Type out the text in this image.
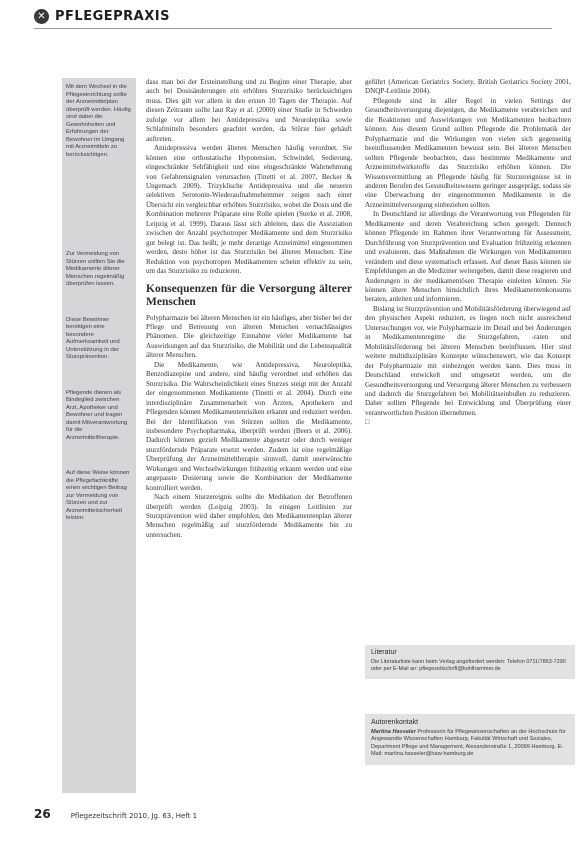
✕ PFLEGEPRAXIS

Mit dem Wechsel in die Pflegeeinrichtung sollte der Arzneimittelplan überprüft werden. Häufig sind dabei die Gewohnheiten und Erfahrungen der Bewohner im Umgang mit Arzneimitteln zu berücksichtigen.

Zur Vermeidung von Stürzen sollten Sie die Medikamente älterer Menschen regelmäßig überprüfen lassen.

Diese Bewohner benötigen eine besondere Aufmerksamkeit und Unterstützung in der Sturzprävention.

Pflegende dienen als Bindeglied zwischen Arzt, Apotheker und Bewohner und tragen damit Mitverantwortung für die Arzneimitteltherapie.

Auf diese Weise können die Pflegefachkräfte einen wichtigen Beitrag zur Vermeidung von Stürzen und zur Arzneimittelsicherheit leisten.

dass man bei der Ersteinstellung und zu Beginn einer Therapie, aber auch bei Dosisänderungen ein erhöhtes Sturzrisiko berücksichtigen muss. Dies gilt vor allem in den ersten 10 Tagen der Therapie. Auf diesen Zeitraum sollte laut Ray et al. (2000) einer Studie in Schweden zufolge vor allem bei Antidepressiva und Neuroleptika sowie Schlafmitteln besonders geachtet werden, da Stürze hier gehäuft auftreten.

Antidepressiva werden älteren Menschen häufig verordnet. Sie können eine orthostatische Hypotension, Schwindel, Sedierung, eingeschränkte Sehfähigkeit und eine eingeschränkte Wahrnehmung von Gefahrensignalen verursachen (Tinetti et al. 2007, Becker & Ungemach 2009). Trizyklische Antidepressiva und die neueren selektiven Serotonin-Wiederaufnahmehemmer zeigen nach einer Übersicht ein vergleichbar erhöhtes Sturzrisiko, wobei die Dosis und die Kombination mehrerer Präparate eine Rolle spielen (Sterke et al. 2008, Leipzig et al. 1999). Daraus lässt sich ableiten, dass die Assoziation zwischen der Anzahl psychotroper Medikamente und dem Sturzrisiko gut belegt ist. Das heißt, je mehr derartige Arzneimittel eingenommen werden, desto höher ist das Sturzrisiko bei älteren Menschen. Eine Reduktion von psychotropen Medikamenten scheint effektiv zu sein, um das Sturzrisiko zu reduzieren.

Konsequenzen für die Versorgung älterer Menschen

Polypharmazie bei älteren Menschen ist ein häufiges, aber bisher bei der Pflege und Betreuung von älteren Menschen vernachlässigtes Phänomen. Die gleichzeitige Einnahme vieler Medikamente hat Auswirkungen auf das Sturzrisiko, die Mobilität und die Lebensqualität älterer Menschen.

Die Medikamente, wie Antidepressiva, Neuroleptika, Benzodiazepine und andere, sind häufig verordnet und erhöhen das Sturzrisiko. Die Wahrscheinlichkeit eines Sturzes steigt mit der Anzahl der eingenommenen Medikamente (Tinetti et al. 2004). Durch eine interdisziplinäre Zusammenarbeit von Ärzten, Apothekern und Pflegenden können Medikamentenrisiken erkannt und reduziert werden. Bei der Identifikation von Stürzen sollten die Medikamente, insbesondere Psychopharmaka, überprüft werden (Beers et al. 2006). Dadurch können gezielt Medikamente abgesetzt oder durch weniger sturzfördernde Präparate ersetzt werden. Zudem ist eine regelmäßige Überprüfung der Arzneimitteltherapie sinnvoll, damit unerwünschte Wirkungen und Wechselwirkungen frühzeitig erkannt werden und eine angepasste Dosierung sowie die Kombination der Medikamente kontrolliert werden.

Nach einem Sturzereignis sollte die Medikation der Betroffenen überprüft werden (Leipzig 2003). In einigen Leitlinien zur Sturzprävention wird daher empfohlen, den Medikamentenplan älterer Menschen regelmäßig auf sturzfördernde Medikamente hin zu untersuchen.

geführt (American Geriatrics Society, British Geriatrics Society 2001, DNQP-Leitlinie 2004).

Pflegende sind in aller Regel in vielen Settings der Gesundheitsversorgung diejenigen, die Medikamente verabreichen und die Reaktionen und Auswirkungen von Medikamenten beobachten können. Aus diesem Grund sollten Pflegende die Problematik der Polypharmazie und die Wirkungen von vielen sich gegenseitig beeinflussenden Medikamenten bewusst sein. Bei älteren Menschen sollten Pflegende beobachten, dass bestimmte Medikamente und Arzneimittelwirkstoffe das Sturzrisiko erhöhen können. Die Wissensvermittlung an Pflegende häufig für Sturzereignisse ist in anderen Berufen des Gesundheitswesens geringer ausgeprägt, sodass sie eine Überwachung der eingenommenen Medikamente in die Arzneimittelversorgung einbeziehen sollten.

In Deutschland ist allerdings die Verantwortung von Pflegenden für Medikamente und deren Verabreichung schon geregelt. Dennoch können Pflegende im Rahmen ihrer Verantwortung für Assessment, Durchführung von Sturzprävention und Evaluation frühzeitig erkennen und evaluieren, dass Maßnahmen die Wirkungen von Medikamenten verändern und diese systematisch erfassen. Auf dieser Basis können sie Empfehlungen an die Mediziner weitergeben, damit diese reagieren und Änderungen in der medikamentösen Therapie einleiten können. Sie können ältere Menschen hinsichtlich ihres Medikamentenkonsums beraten, anleiten und informieren.

Bislang ist Sturzprävention und Mobilitätsförderung überwiegend auf den physischen Aspekt reduziert, es liegen noch nicht ausreichend Untersuchungen vor, wie Polypharmazie im Detail und bei Änderungen in Medikamentenregime die Sturzgefahren, -raten und Mobilitätsförderung bei älteren Menschen beeinflussen. Hier sind weitere multidisziplinäre Konzepte wünschenswert, wie das Konzept der Polypharmazie mit einbezogen werden kann. Dies muss in Deutschland entwickelt und umgesetzt werden, um die Gesundheitsversorgung und Versorgung älterer Menschen zu verbessern und dadurch die Sturzgefahren bei Mobilitätseinbußen zu reduzieren. Daher sollten Pflegende bei Entwicklung und Überprüfung einer verantwortlichen Position übernehmen.

□
Literatur
Die Literaturliste kann beim Verlag angefordert werden: Telefon 0711/7863-7290 oder per E-Mail an: pflegezeitschrift@kohlhammer.de
Autorenkontakt
Martina Hasseler Professorin für Pflegewissenschaften an der Hochschule für Angewandte Wissenschaften Hamburg, Fakultät Wirtschaft und Soziales, Department Pflege und Management, Alexanderstraße 1, 20099 Hamburg. E-Mail: martina.hasseler@haw-hamburg.de
26	Pflegezeitschrift 2010, Jg. 63, Heft 1
